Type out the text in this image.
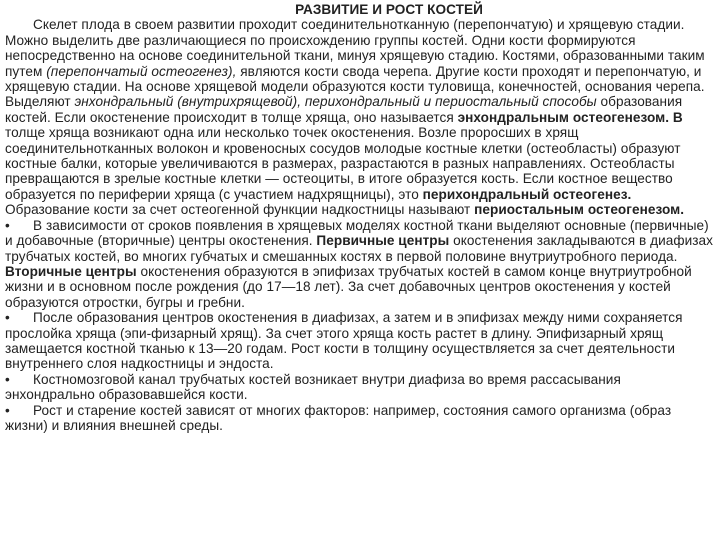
РАЗВИТИЕ И РОСТ КОСТЕЙ

Скелет плода в своем развитии проходит соединительнотканную (перепончатую) и хрящевую стадии. Можно выделить две различающиеся по происхождению группы костей. Одни кости формируются непосредственно на основе соединительной ткани, минуя хрящевую стадию. Костями, образованными таким путем (перепончатый остеогенез), являются кости свода черепа. Другие кости проходят и перепончатую, и хрящевую стадии. На основе хрящевой модели образуются кости туловища, конечностей, основания черепа. Выделяют энхондральный (внутрихрящевой), перихондральный и периостальный способы образования костей. Если окостенение происходит в толще хряща, оно называется энхондральным остеогенезом. В толще хряща возникают одна или несколько точек окостенения. Возле проросших в хрящ соединительнотканных волокон и кровеносных сосудов молодые костные клетки (остеобласты) образуют костные балки, которые увеличиваются в размерах, разрастаются в разных направлениях. Остеобласты превращаются в зрелые костные клетки — остеоциты, в итоге образуется кость. Если костное вещество образуется по периферии хряща (с участием надхрящницы), это перихондральный остеогенез. Образование кости за счет остеогенной функции надкостницы называют периостальным остеогенезом.

• В зависимости от сроков появления в хрящевых моделях костной ткани выделяют основные (первичные) и добавочные (вторичные) центры окостенения. Первичные центры окостенения закладываются в диафизах трубчатых костей, во многих губчатых и смешанных костях в первой половине внутриутробного периода. Вторичные центры окостенения образуются в эпифизах трубчатых костей в самом конце внутриутробной жизни и в основном после рождения (до 17—18 лет). За счет добавочных центров окостенения у костей образуются отростки, бугры и гребни.

• После образования центров окостенения в диафизах, а затем и в эпифизах между ними сохраняется прослойка хряща (эпи-физарный хрящ). За счет этого хряща кость растет в длину. Эпифизарный хрящ замещается костной тканью к 13—20 годам. Рост кости в толщину осуществляется за счет деятельности внутреннего слоя надкостницы и эндоста.

• Костномозговой канал трубчатых костей возникает внутри диафиза во время рассасывания энхондрально образовавшейся кости.

• Рост и старение костей зависят от многих факторов: например, состояния самого организма (образ жизни) и влияния внешней среды.
